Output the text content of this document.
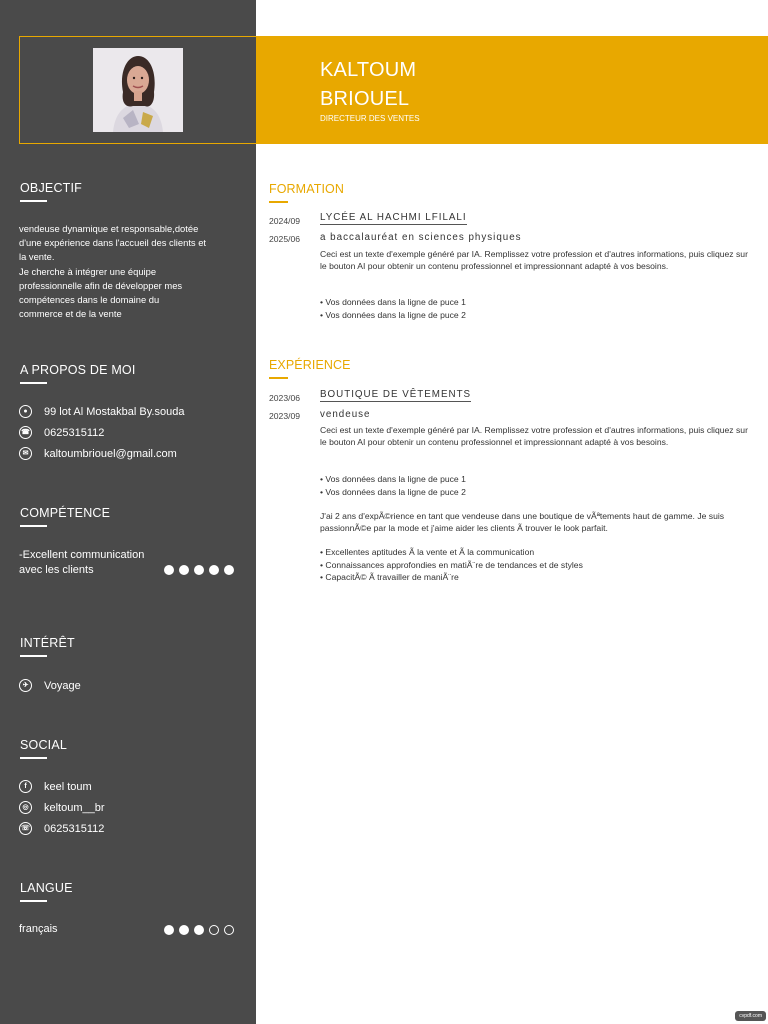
KALTOUM
BRIOUEL
DIRECTEUR DES VENTES
OBJECTIF
vendeuse dynamique et responsable,dotée
d'une expérience dans l'accueil des clients et
la vente.
Je cherche à intégrer une équipe
professionnelle afin de développer mes
compétences dans le domaine du
commerce et de la vente
A PROPOS DE MOI
●	99 lot Al Mostakbal By.souda
☎ 0625315112
✉	kaltoumbriouel@gmail.com
COMPÉTENCE
-Excellent communication avec les clients
INTÉRÊT
✈	Voyage
SOCIAL
f	keel toum
◎	keltoum__br
☏ 0625315112
LANGUE
français
FORMATION
2024/09
2025/06
LYCÉE AL HACHMI LFILALI
a baccalauréat en sciences physiques
Ceci est un texte d'exemple généré par IA. Remplissez votre profession et d'autres informations, puis cliquez sur le bouton AI pour obtenir un contenu professionnel et impressionnant adapté à vos besoins.
• Vos données dans la ligne de puce 1
• Vos données dans la ligne de puce 2
EXPÉRIENCE
2023/06
2023/09
BOUTIQUE DE VÊTEMENTS
vendeuse
Ceci est un texte d'exemple généré par IA. Remplissez votre profession et d'autres informations, puis cliquez sur le bouton AI pour obtenir un contenu professionnel et impressionnant adapté à vos besoins.
• Vos données dans la ligne de puce 1
• Vos données dans la ligne de puce 2
J'ai 2 ans d'expÃ©rience en tant que vendeuse dans une boutique de vÃªtements haut de gamme. Je suis passionnÃ©e par la mode et j'aime aider les clients Ã trouver le look parfait.
• Excellentes aptitudes Ã la vente et Ã la communication
• Connaissances approfondies en matiÃ¨re de tendances et de styles
• CapacitÃ© Ã travailler de maniÃ¨re
cvpdf.com
